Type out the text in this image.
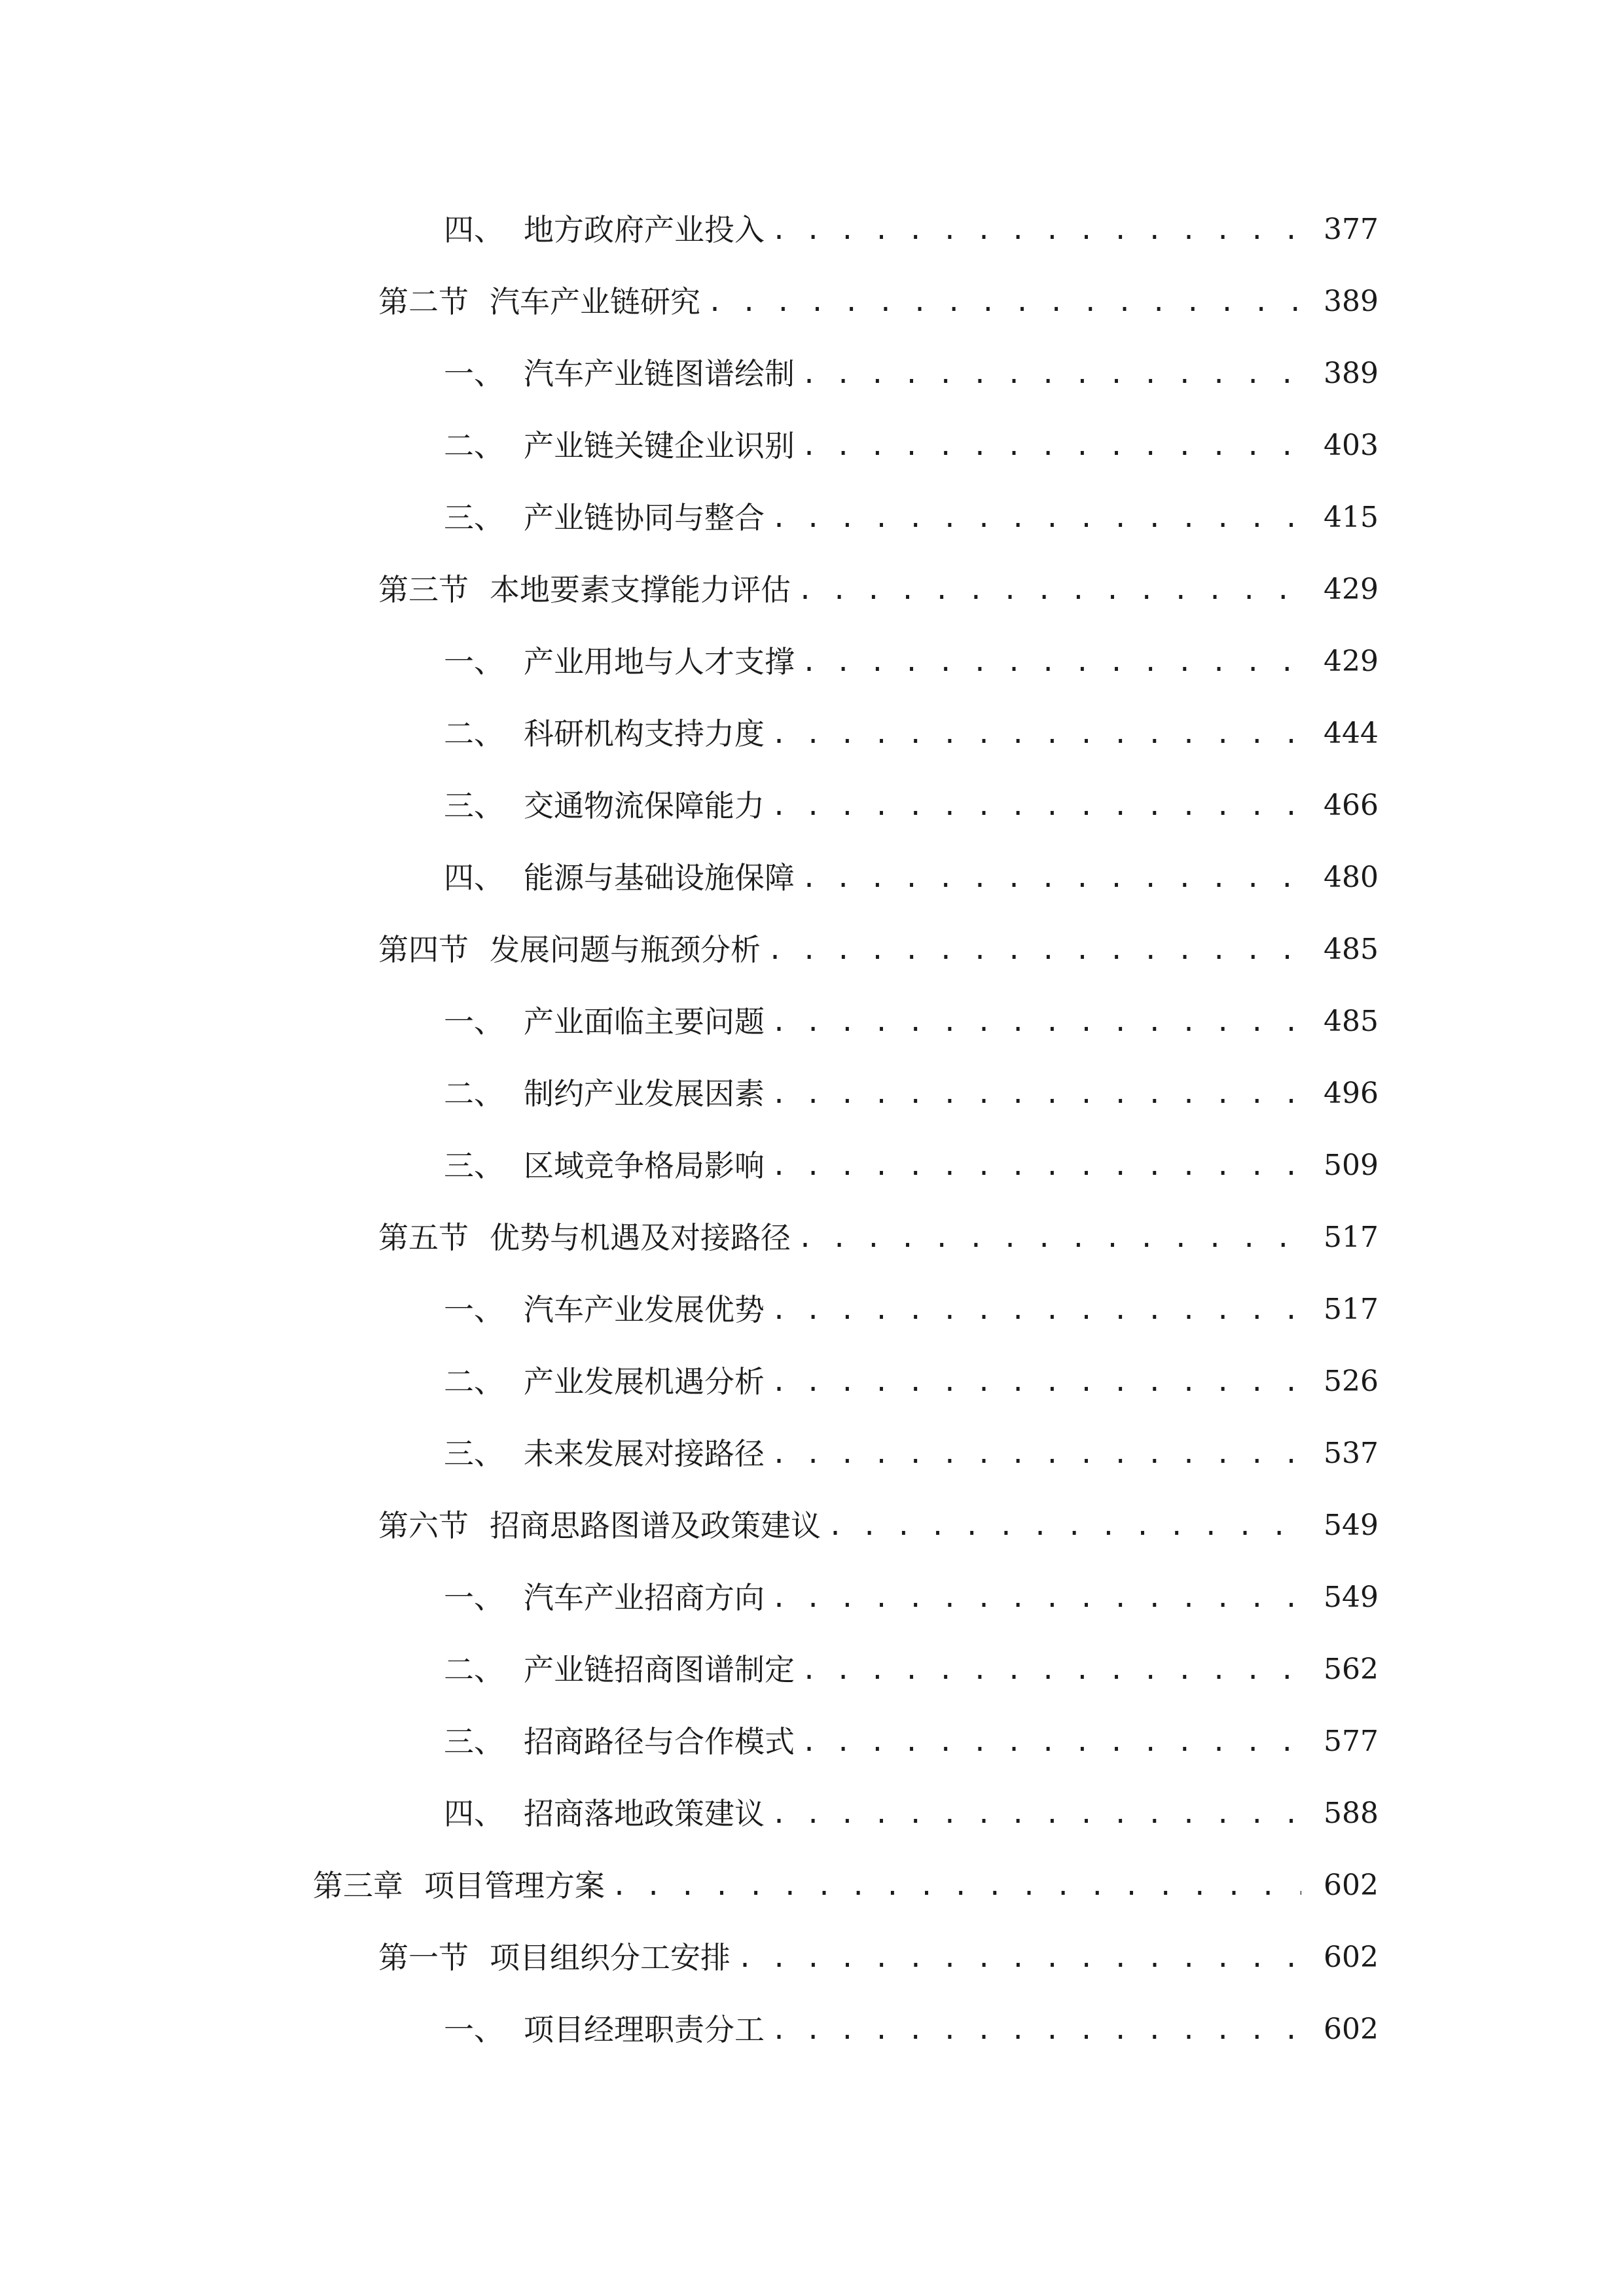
四、 地方政府产业投入 . . .	377
第二节 汽车产业链研究 . . .	389
一、 汽车产业链图谱绘制 . . .	389
二、 产业链关键企业识别 . . .	403
三、 产业链协同与整合 . . .	415
第三节 本地要素支撑能力评估 . . .	429
一、 产业用地与人才支撑 . . .	429
二、 科研机构支持力度 . . .	444
三、 交通物流保障能力 . . .	466
四、 能源与基础设施保障 . . .	480
第四节 发展问题与瓶颈分析 . . .	485
一、 产业面临主要问题 . . .	485
二、 制约产业发展因素 . . .	496
三、 区域竞争格局影响 . . .	509
第五节 优势与机遇及对接路径 . . .	517
一、 汽车产业发展优势 . . .	517
二、 产业发展机遇分析 . . .	526
三、 未来发展对接路径 . . .	537
第六节 招商思路图谱及政策建议 . . .	549
一、 汽车产业招商方向 . . .	549
二、 产业链招商图谱制定 . . .	562
三、 招商路径与合作模式 . . .	577
四、 招商落地政策建议 . . .	588
第三章 项目管理方案 . . .	602
第一节 项目组织分工安排 . . .	602
一、 项目经理职责分工 . . .	602
